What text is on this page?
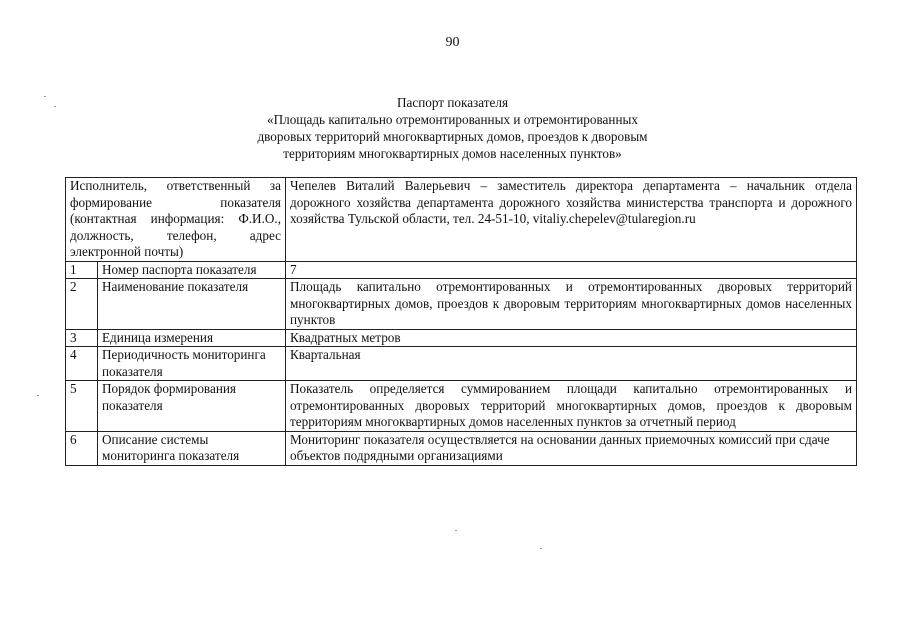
90
Паспорт показателя
«Площадь капитально отремонтированных и отремонтированных
дворовых территорий многоквартирных домов, проездов к дворовым
территориям многоквартирных домов населенных пунктов»
Исполнитель, ответственный за формирование показателя (контактная информация: Ф.И.О., должность, телефон, адрес электронной почты)		Чепелев Виталий Валерьевич – заместитель директора департамента – начальник отдела дорожного хозяйства департамента дорожного хозяйства министерства транспорта и дорожного хозяйства Тульской области, тел. 24-51-10, vitaliy.chepelev@tularegion.ru
1	Номер паспорта показателя	7
2	Наименование показателя	Площадь капитально отремонтированных и отремонтированных дворовых территорий многоквартирных домов, проездов к дворовым территориям многоквартирных домов населенных пунктов
3	Единица измерения	Квадратных метров
4	Периодичность мониторинга показателя	Квартальная
5	Порядок формирования показателя	Показатель определяется суммированием площади капитально отремонтированных и отремонтированных дворовых территорий многоквартирных домов, проездов к дворовым территориям многоквартирных домов населенных пунктов за отчетный период
6	Описание системы мониторинга показателя	Мониторинг показателя осуществляется на основании данных приемочных комиссий при сдаче объектов подрядными организациями
